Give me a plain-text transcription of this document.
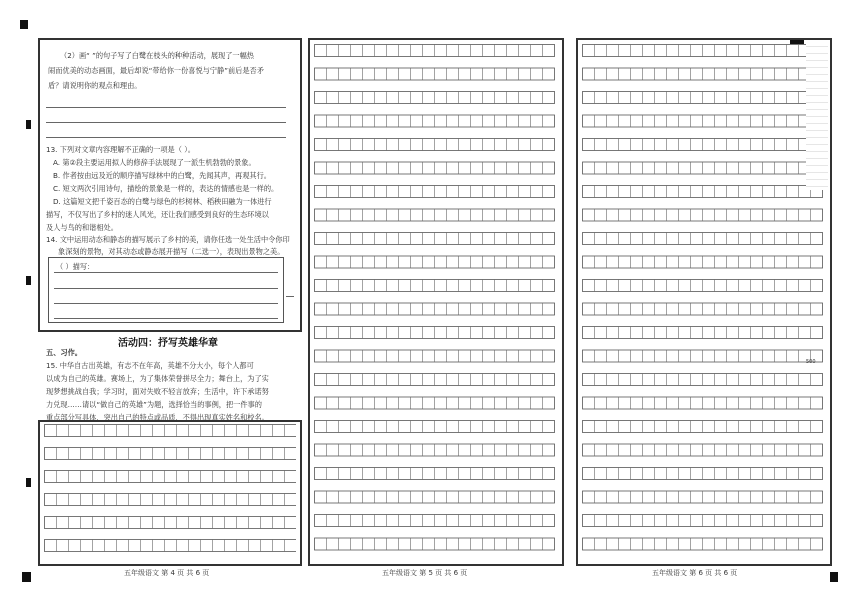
（2）画“ ”的句子写了白鹭在枝头的种种活动，展现了一幅热
闹而优美的动态画面，最后却说“带给你一份喜悦与宁静”前后是否矛
盾？请说明你的观点和理由。
13. 下列对文章内容理解不正确的一项是（ ）。
A. 第②段主要运用拟人的修辞手法展现了一派生机勃勃的景象。
B. 作者按由远及近的顺序描写绿林中的白鹭，先闻其声，再观其行。
C. 短文两次引用诗句，描绘的景象是一样的，表达的情感也是一样的。
D. 这篇短文把千姿百态的白鹭与绿色的杉树林、稻秧田融为一体进行
描写，不仅写出了乡村的迷人风光，还让我们感受到良好的生态环境以
及人与鸟的和谐相处。
14. 文中运用动态和静态的描写展示了乡村的美，请你任选一处生活中令你印
象深刻的景物，对其动态或静态展开描写（二选一），表现出景物之美。
（ ）描写：
活动四：抒写英雄华章
五、习作。
15. 中华自古出英雄，有志不在年高，英雄不分大小，每个人都可
以成为自己的英雄。赛场上，为了集体荣誉拼尽全力；舞台上，为了实
现梦想挑战自我；学习时，面对失败不轻言放弃；生活中，许下承诺努
力兑现……请以“做自己的英雄”为题，选择恰当的事例，把一件事的
重点部分写具体，突出自己的特点或品质，不得出现真实姓名和校名。
五年级语文 第 4 页 共 6 页	五年级语文 第 5 页 共 6 页
500
五年级语文 第 6 页 共 6 页
